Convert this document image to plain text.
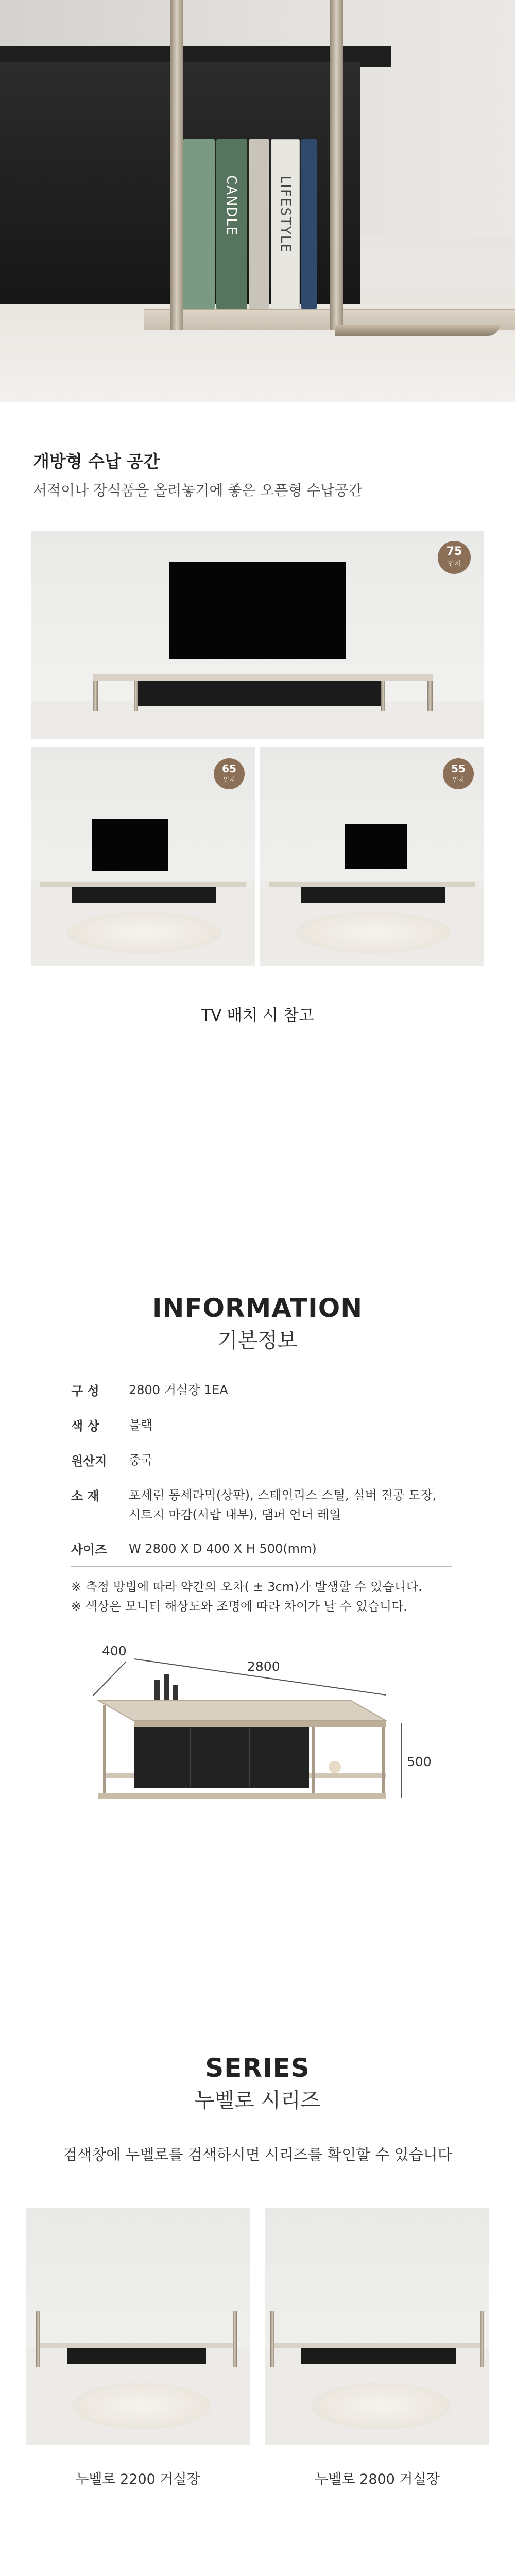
CANDLE	LIFESTYLE
개방형 수납 공간
서적이나 장식품을 올려놓기에 좋은 오픈형 수납공간
75
인치
65
인치
55
인치
TV 배치 시 참고
INFORMATION
기본정보
구 성	2800 거실장 1EA
색 상	블랙
원산지	중국
소 재	포세린 통세라믹(상판), 스테인리스 스틸, 실버 진공 도장,
시트지 마감(서랍 내부), 댐퍼 언더 레일
사이즈	W 2800 X D 400 X H 500(mm)
※ 측정 방법에 따라 약간의 오차( ± 3cm)가 발생할 수 있습니다.
※ 색상은 모니터 해상도와 조명에 따라 차이가 날 수 있습니다.
400
2800
500
SERIES
누벨로 시리즈
검색창에 누벨로를 검색하시면 시리즈를 확인할 수 있습니다
누벨로 2200 거실장	누벨로 2800 거실장
